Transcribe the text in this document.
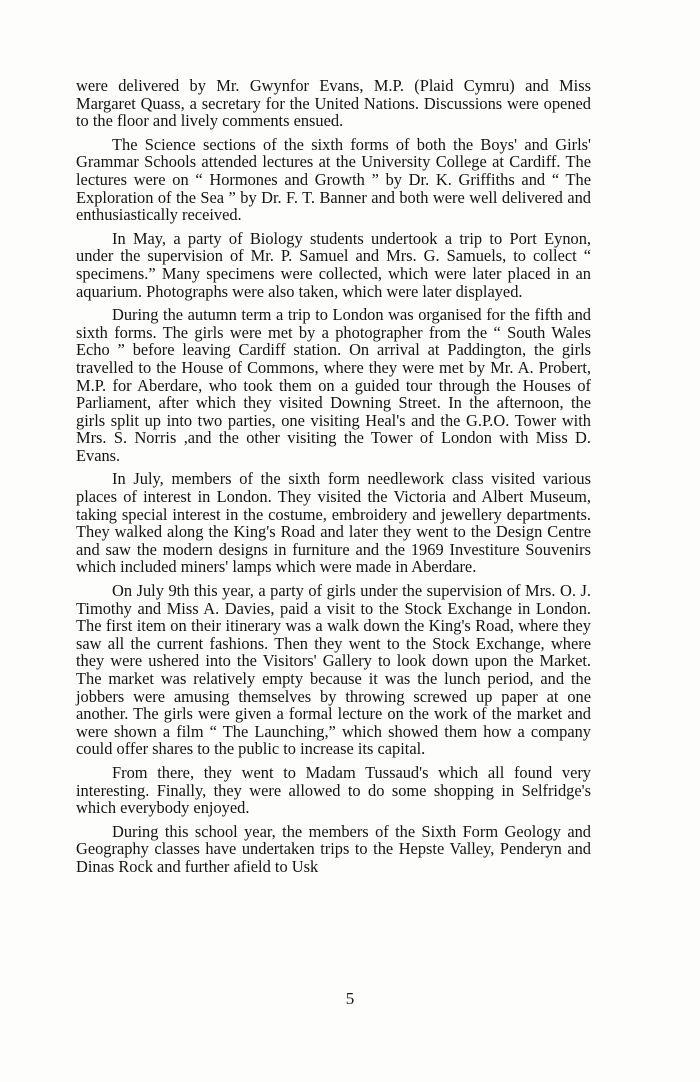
were delivered by Mr. Gwynfor Evans, M.P. (Plaid Cymru) and Miss Margaret Quass, a secretary for the United Nations. Discussions were opened to the floor and lively comments ensued.

The Science sections of the sixth forms of both the Boys' and Girls' Grammar Schools attended lectures at the University College at Cardiff. The lectures were on “ Hormones and Growth ” by Dr. K. Griffiths and “ The Exploration of the Sea ” by Dr. F. T. Banner and both were well delivered and enthusiastically received.

In May, a party of Biology students undertook a trip to Port Eynon, under the supervision of Mr. P. Samuel and Mrs. G. Samuels, to collect “ specimens.” Many specimens were collected, which were later placed in an aquarium. Photographs were also taken, which were later displayed.

During the autumn term a trip to London was organised for the fifth and sixth forms. The girls were met by a photographer from the “ South Wales Echo ” before leaving Cardiff station. On arrival at Paddington, the girls travelled to the House of Commons, where they were met by Mr. A. Probert, M.P. for Aberdare, who took them on a guided tour through the Houses of Parliament, after which they visited Downing Street. In the afternoon, the girls split up into two parties, one visiting Heal's and the G.P.O. Tower with Mrs. S. Norris ,and the other visiting the Tower of London with Miss D. Evans.

In July, members of the sixth form needlework class visited various places of interest in London. They visited the Victoria and Albert Museum, taking special interest in the costume, embroidery and jewellery departments. They walked along the King's Road and later they went to the Design Centre and saw the modern designs in furniture and the 1969 Investiture Souvenirs which included miners' lamps which were made in Aberdare.

On July 9th this year, a party of girls under the supervision of Mrs. O. J. Timothy and Miss A. Davies, paid a visit to the Stock Exchange in London. The first item on their itinerary was a walk down the King's Road, where they saw all the current fashions. Then they went to the Stock Exchange, where they were ushered into the Visitors' Gallery to look down upon the Market. The market was relatively empty because it was the lunch period, and the jobbers were amusing themselves by throwing screwed up paper at one another. The girls were given a formal lecture on the work of the market and were shown a film “ The Launching,” which showed them how a company could offer shares to the public to increase its capital.

From there, they went to Madam Tussaud's which all found very interesting. Finally, they were allowed to do some shopping in Selfridge's which everybody enjoyed.

During this school year, the members of the Sixth Form Geology and Geography classes have undertaken trips to the Hepste Valley, Penderyn and Dinas Rock and further afield to Usk

5
